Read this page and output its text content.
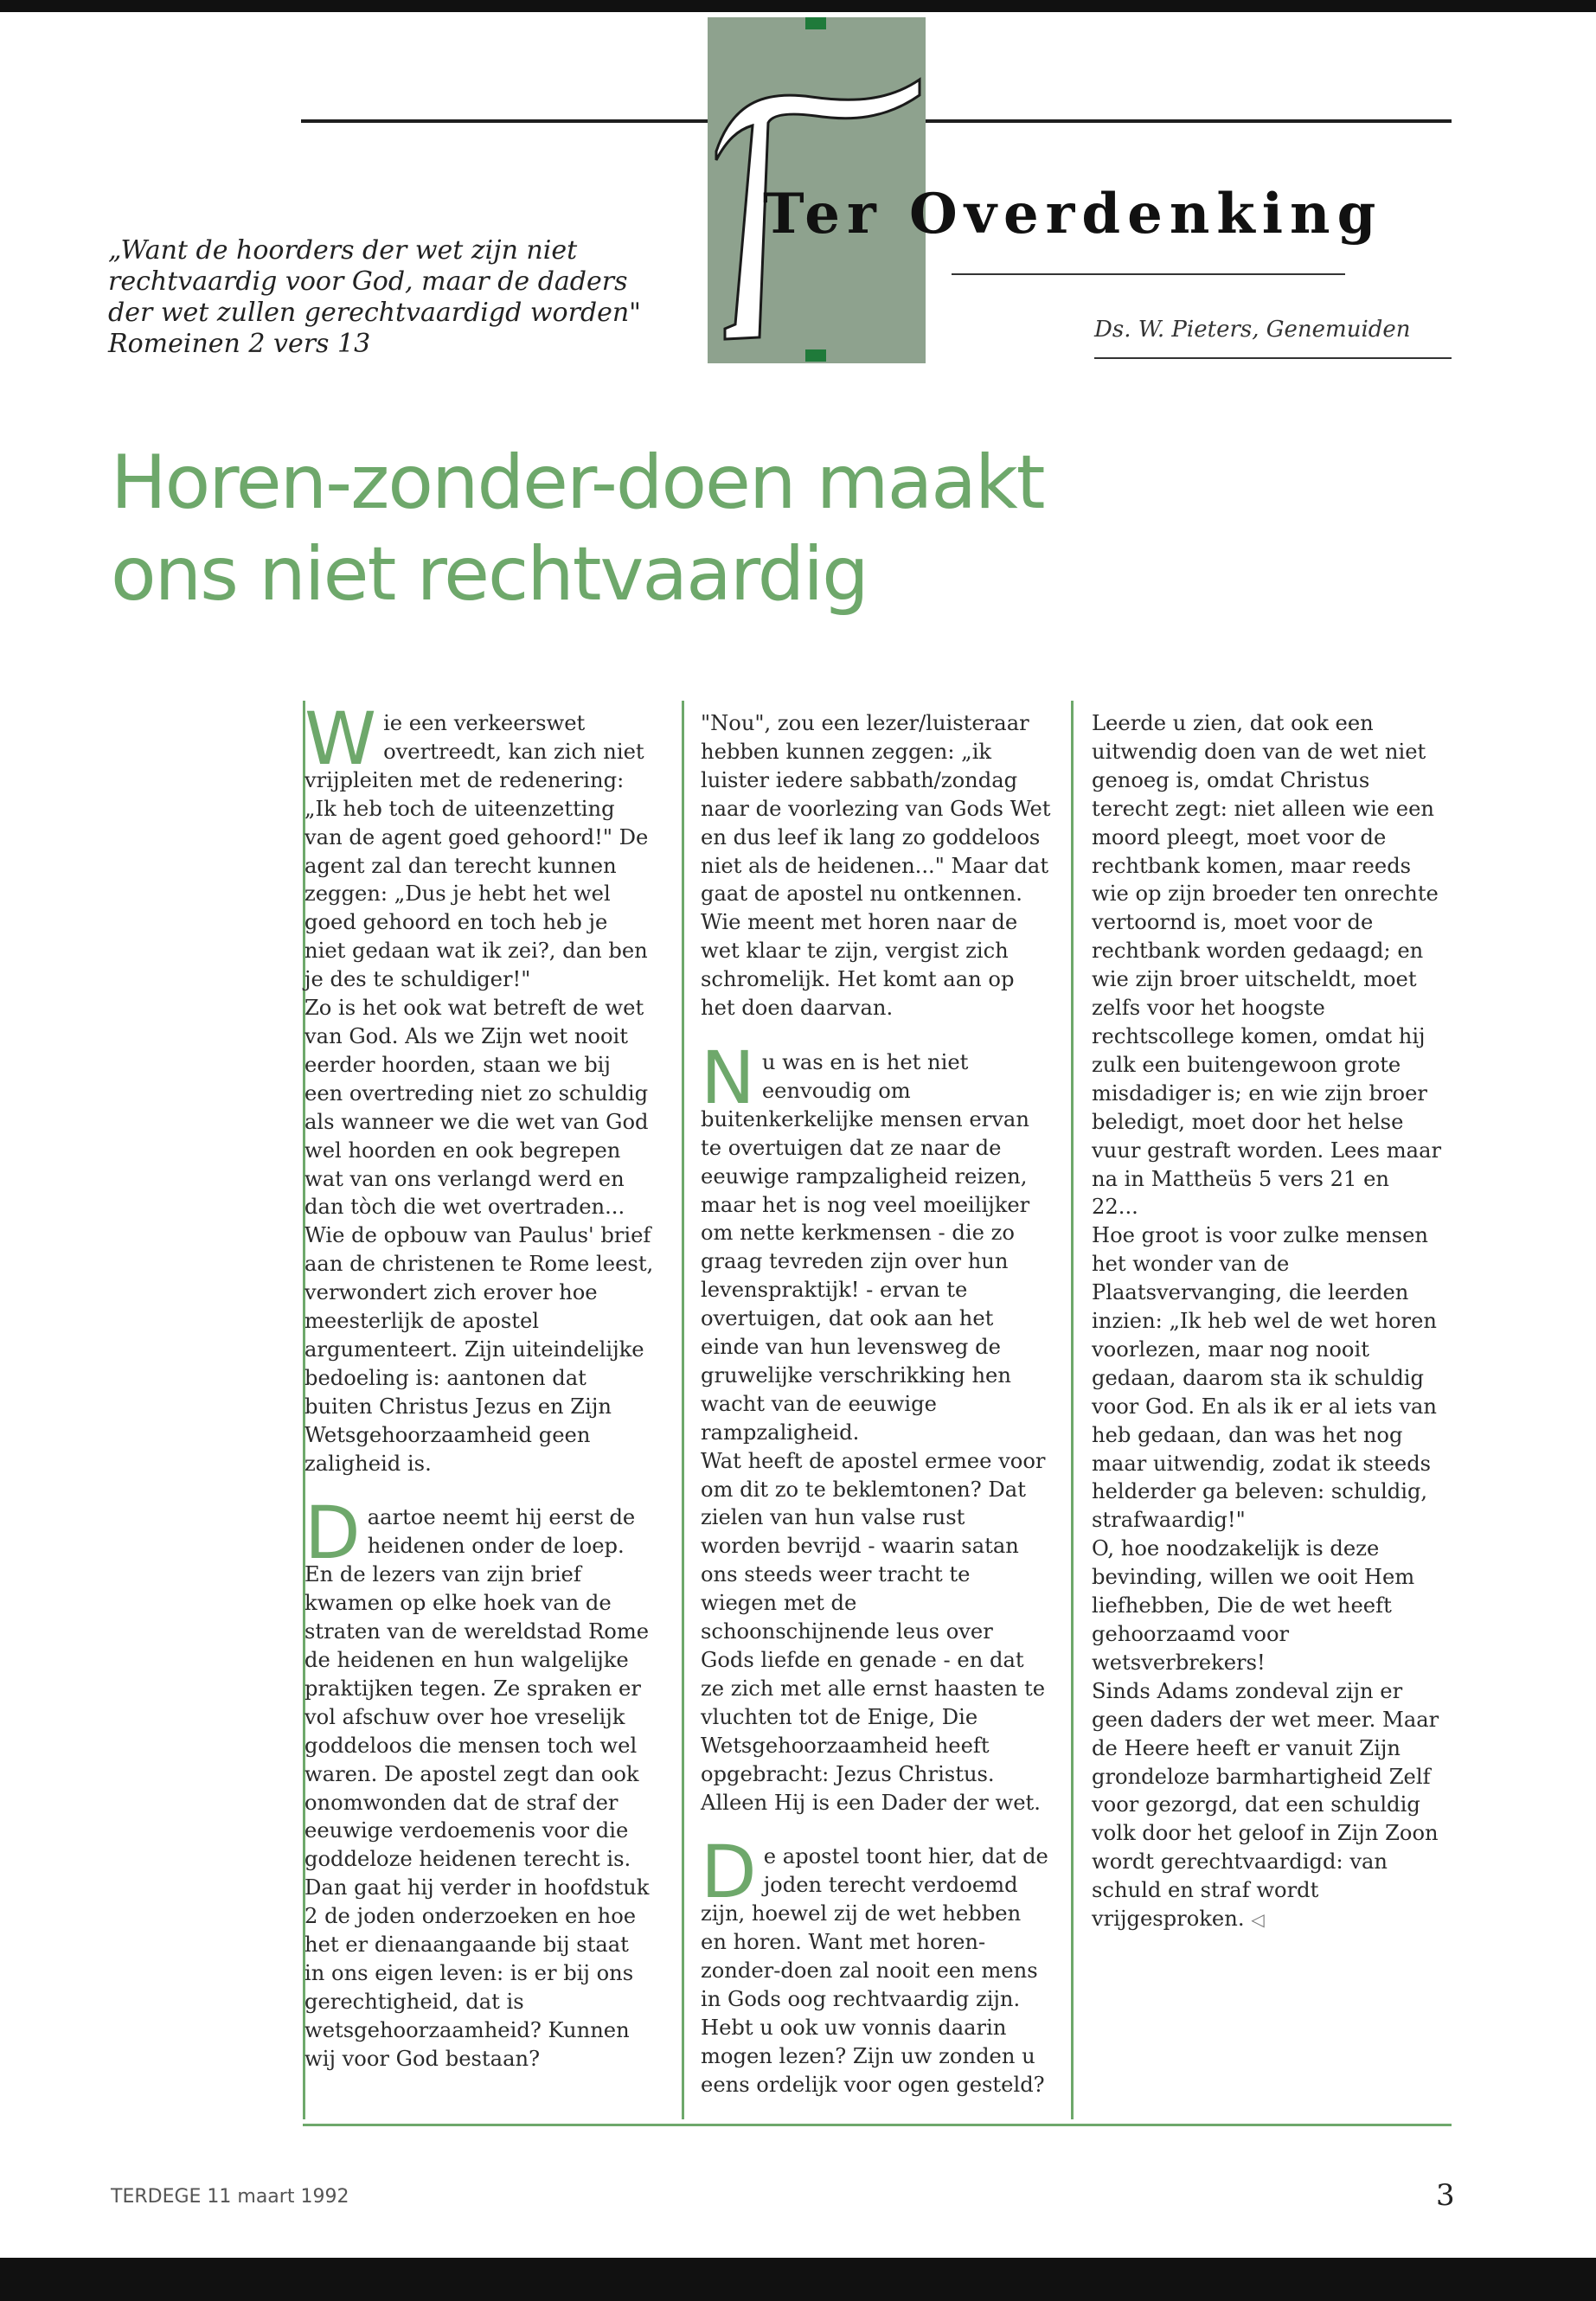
Ter Overdenking
„Want de hoorders der wet zijn niet
rechtvaardig voor God, maar de daders
der wet zullen gerechtvaardigd worden"
Romeinen 2 vers 13	Ds. W. Pieters, Genemuiden
Horen-zonder-doen maakt
ons niet rechtvaardig

Wie een verkeerswet overtreedt, kan zich niet vrijpleiten met de redenering: „Ik heb toch de uiteenzetting van de agent goed gehoord!" De agent zal dan terecht kunnen zeggen: „Dus je hebt het wel goed gehoord en toch heb je niet gedaan wat ik zei?, dan ben je des te schuldiger!"

Zo is het ook wat betreft de wet van God. Als we Zijn wet nooit eerder hoorden, staan we bij een overtreding niet zo schuldig als wanneer we die wet van God wel hoorden en ook begrepen wat van ons verlangd werd en dan tòch die wet overtraden...

Wie de opbouw van Paulus' brief aan de christenen te Rome leest, verwondert zich erover hoe meesterlijk de apostel argumenteert. Zijn uiteindelijke bedoeling is: aantonen dat buiten Christus Jezus en Zijn Wetsgehoorzaamheid geen zaligheid is.

Daartoe neemt hij eerst de heidenen onder de loep. En de lezers van zijn brief kwamen op elke hoek van de straten van de wereldstad Rome de heidenen en hun walgelijke praktijken tegen. Ze spraken er vol afschuw over hoe vreselijk goddeloos die mensen toch wel waren. De apostel zegt dan ook onomwonden dat de straf der eeuwige verdoemenis voor die goddeloze heidenen terecht is.

Dan gaat hij verder in hoofdstuk 2 de joden onderzoeken en hoe het er dienaangaande bij staat in ons eigen leven: is er bij ons gerechtigheid, dat is wetsgehoorzaamheid? Kunnen wij voor God bestaan?

"Nou", zou een lezer/luisteraar hebben kunnen zeggen: „ik luister iedere sabbath/zondag naar de voorlezing van Gods Wet en dus leef ik lang zo goddeloos niet als de heidenen..." Maar dat gaat de apostel nu ontkennen. Wie meent met horen naar de wet klaar te zijn, vergist zich schromelijk. Het komt aan op het doen daarvan.

Nu was en is het niet eenvoudig om buitenkerkelijke mensen ervan te overtuigen dat ze naar de eeuwige rampzaligheid reizen, maar het is nog veel moeilijker om nette kerkmensen - die zo graag tevreden zijn over hun levenspraktijk! - ervan te overtuigen, dat ook aan het einde van hun levensweg de gruwelijke verschrikking hen wacht van de eeuwige rampzaligheid.

Wat heeft de apostel ermee voor om dit zo te beklemtonen? Dat zielen van hun valse rust worden bevrijd - waarin satan ons steeds weer tracht te wiegen met de schoonschijnende leus over Gods liefde en genade - en dat ze zich met alle ernst haasten te vluchten tot de Enige, Die Wetsgehoorzaamheid heeft opgebracht: Jezus Christus. Alleen Hij is een Dader der wet.

De apostel toont hier, dat de joden terecht verdoemd zijn, hoewel zij de wet hebben en horen. Want met horen-zonder-doen zal nooit een mens in Gods oog rechtvaardig zijn. Hebt u ook uw vonnis daarin mogen lezen? Zijn uw zonden u eens ordelijk voor ogen gesteld?

Leerde u zien, dat ook een uitwendig doen van de wet niet genoeg is, omdat Christus terecht zegt: niet alleen wie een moord pleegt, moet voor de rechtbank komen, maar reeds wie op zijn broeder ten onrechte vertoornd is, moet voor de rechtbank worden gedaagd; en wie zijn broer uitscheldt, moet zelfs voor het hoogste rechtscollege komen, omdat hij zulk een buitengewoon grote misdadiger is; en wie zijn broer beledigt, moet door het helse vuur gestraft worden. Lees maar na in Mattheüs 5 vers 21 en 22...

Hoe groot is voor zulke mensen het wonder van de Plaatsvervanging, die leerden inzien: „Ik heb wel de wet horen voorlezen, maar nog nooit gedaan, daarom sta ik schuldig voor God. En als ik er al iets van heb gedaan, dan was het nog maar uitwendig, zodat ik steeds helderder ga beleven: schuldig, strafwaardig!"

O, hoe noodzakelijk is deze bevinding, willen we ooit Hem liefhebben, Die de wet heeft gehoorzaamd voor wetsverbrekers!

Sinds Adams zondeval zijn er geen daders der wet meer. Maar de Heere heeft er vanuit Zijn grondeloze barmhartigheid Zelf voor gezorgd, dat een schuldig volk door het geloof in Zijn Zoon wordt gerechtvaardigd: van schuld en straf wordt vrijgesproken. ◁

TERDEGE 11 maart 1992	3
